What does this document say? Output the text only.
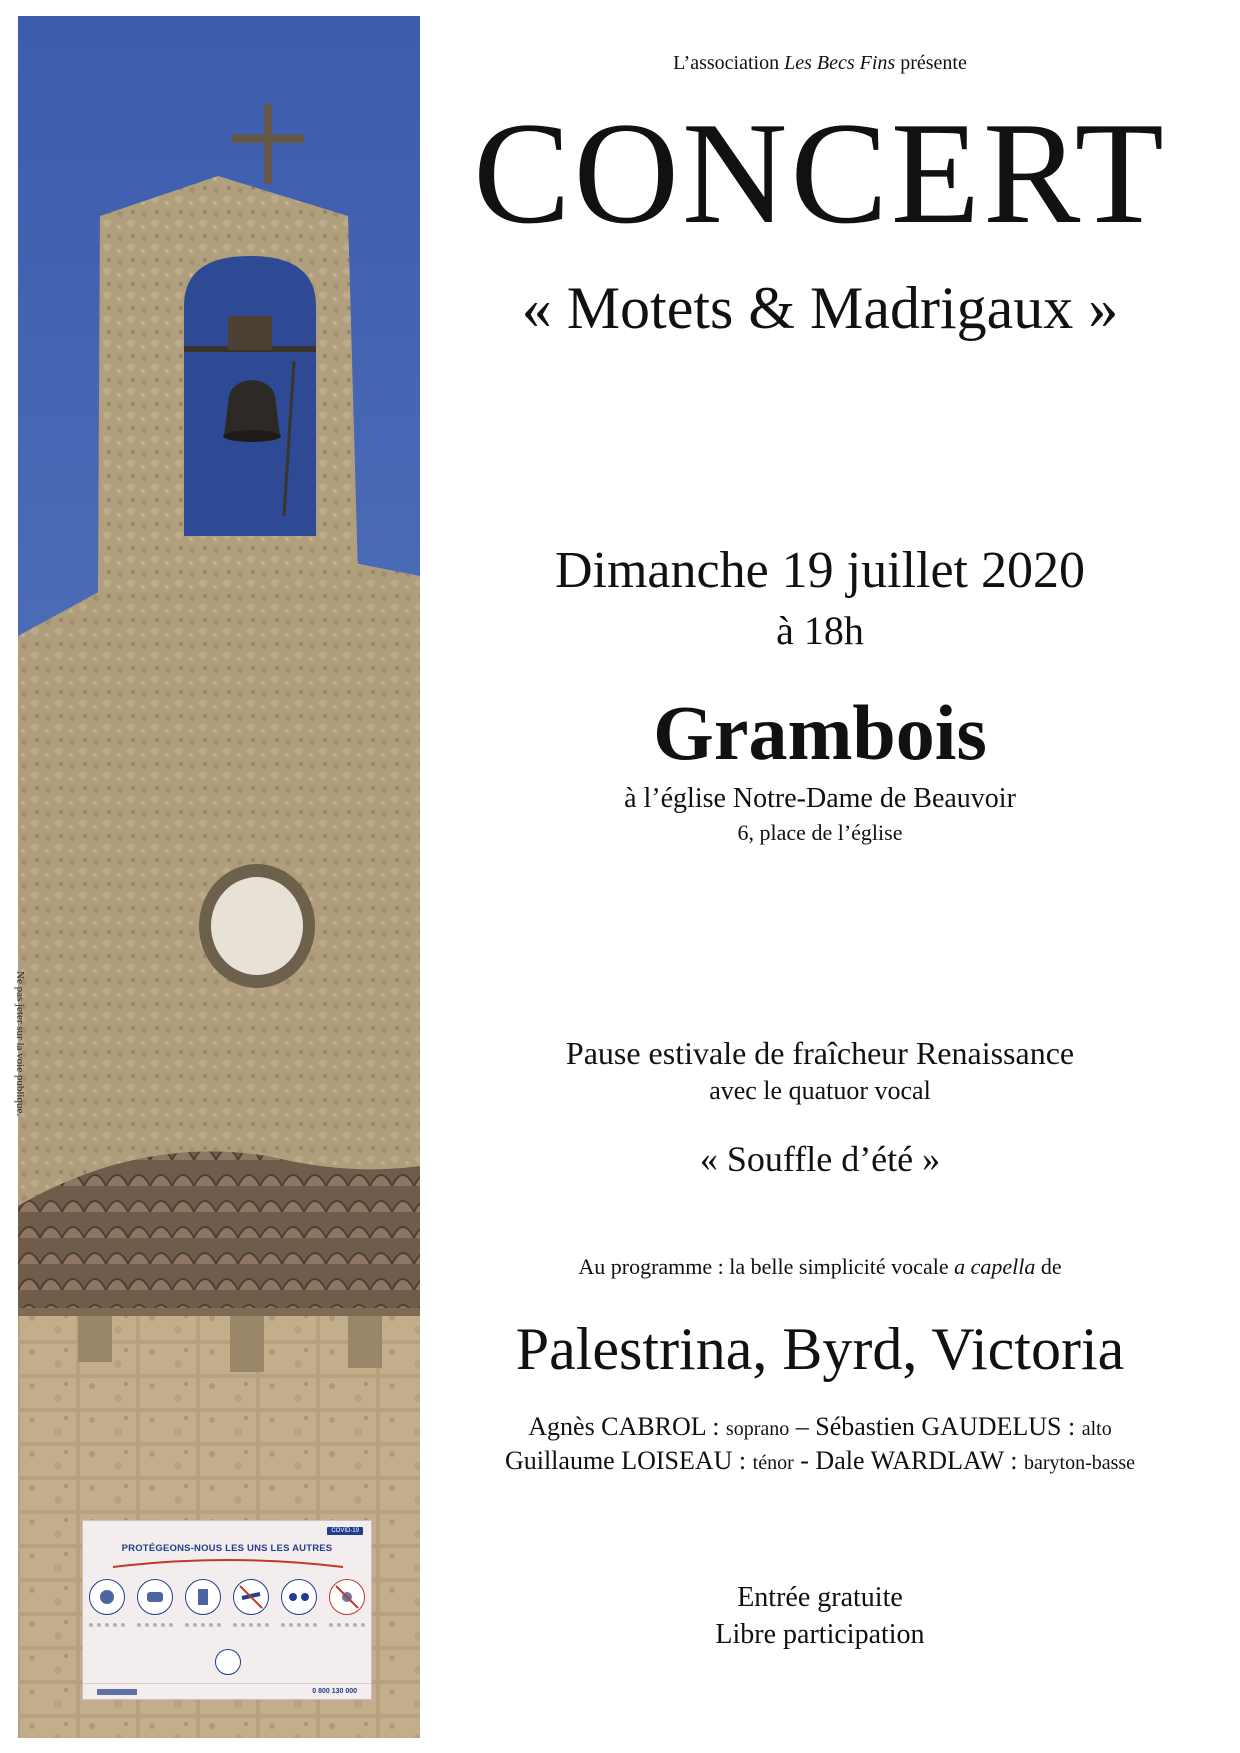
Ne pas jeter sur la voie publique.
COVID-19
PROTÉGEONS-NOUS LES UNS LES AUTRES
0 800 130 000

L’association Les Becs Fins présente

CONCERT
« Motets & Madrigaux »

Dimanche 19 juillet 2020

à 18h

Grambois

à l’église Notre-Dame de Beauvoir

6, place de l’église

Pause estivale de fraîcheur Renaissance

avec le quatuor vocal

« Souffle d’été »

Au programme : la belle simplicité vocale a capella de

Palestrina, Byrd, Victoria

Agnès CABROL : soprano – Sébastien GAUDELUS : alto

Guillaume LOISEAU : ténor - Dale WARDLAW : baryton-basse

Entrée gratuite

Libre participation
